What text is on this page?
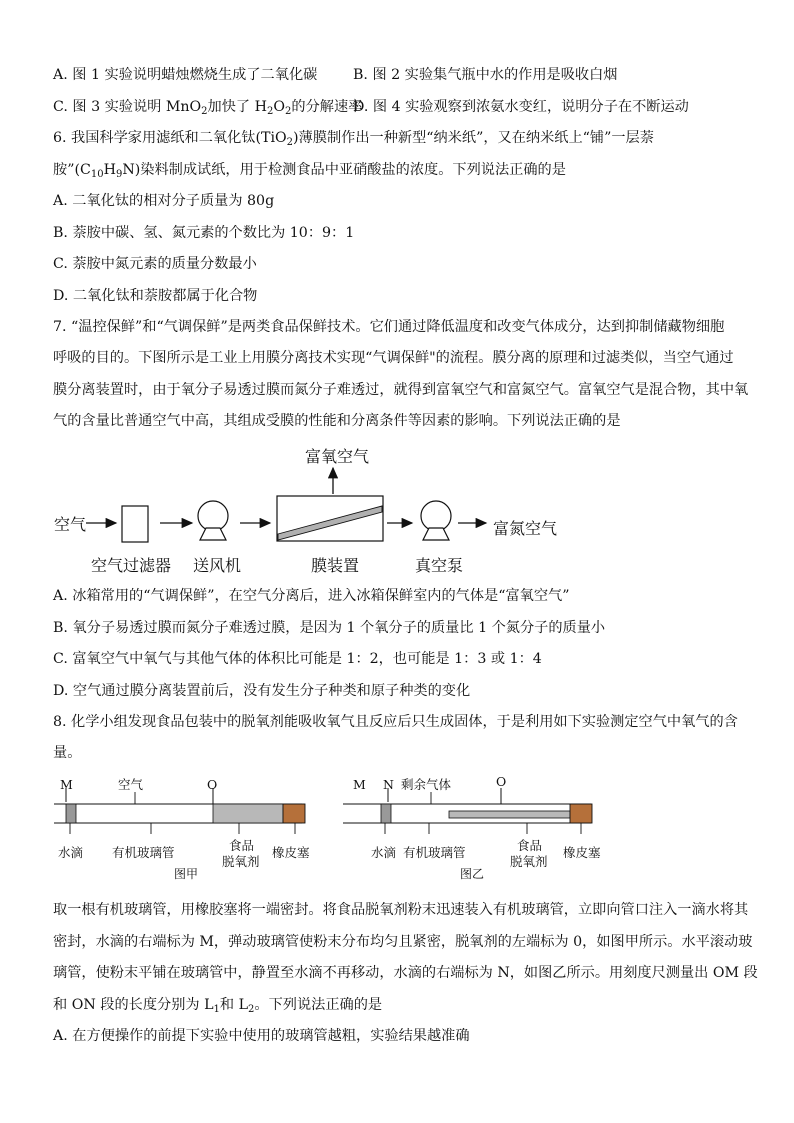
A. 图 1 实验说明蜡烛燃烧生成了二氧化碳	B. 图 2 实验集气瓶中水的作用是吸收白烟
C. 图 3 实验说明 MnO$_2$加快了 $H_2O_2$的分解速率
D. 图 4 实验观察到浓氨水变红，说明分子在不断运动
6. 我国科学家用滤纸和二氧化钛(TiO$_2$)薄膜制作出一种新型“纳米纸”，又在纳米纸上“铺”一层萘
胺$”(C_{10}H_9N)$染料制成试纸，用于检测食品中亚硝酸盐的浓度。下列说法正确的是
A. 二氧化钛的相对分子质量为 80g
B. 萘胺中碳、氢、氮元素的个数比为 10：9：1
C. 萘胺中氮元素的质量分数最小
D. 二氧化钛和萘胺都属于化合物
7. “温控保鲜”和“气调保鲜”是两类食品保鲜技术。它们通过降低温度和改变气体成分，达到抑制储藏物细胞
呼吸的目的。下图所示是工业上用膜分离技术实现“气调保鲜"的流程。膜分离的原理和过滤类似，当空气通过
膜分离装置时，由于氧分子易透过膜而氮分子难透过，就得到富氧空气和富氮空气。富氧空气是混合物，其中氧
气的含量比普通空气中高，其组成受膜的性能和分离条件等因素的影响。下列说法正确的是
空气
富氧空气
富氮空气
空气过滤器 送风机	膜装置	真空泵
A. 冰箱常用的“气调保鲜”，在空气分离后，进入冰箱保鲜室内的气体是“富氧空气”
B. 氧分子易透过膜而氮分子难透过膜，是因为 1 个氧分子的质量比 1 个氮分子的质量小
C. 富氧空气中氧气与其他气体的体积比可能是 1：2，也可能是 1：3 或 1：4
D. 空气通过膜分离装置前后，没有发生分子种类和原子种类的变化
8. 化学小组发现食品包装中的脱氧剂能吸收氧气且反应后只生成固体，于是利用如下实验测定空气中氧气的含
量。
M	空气	O
水滴 有机玻璃管	食品
脱氧剂
橡皮塞
图甲
M N 剩余气体	O
水滴 有机玻璃管	食品
脱氧剂
橡皮塞
图乙
取一根有机玻璃管，用橡胶塞将一端密封。将食品脱氧剂粉末迅速装入有机玻璃管，立即向管口注入一滴水将其
密封，水滴的右端标为 M，弹动玻璃管使粉末分布均匀且紧密，脱氧剂的左端标为 0，如图甲所示。水平滚动玻
璃管，使粉末平铺在玻璃管中，静置至水滴不再移动，水滴的右端标为 N，如图乙所示。用刻度尺测量出 OM 段
和 ON 段的长度分别为 $L_1$和 $L_2$。下列说法正确的是
A. 在方便操作的前提下实验中使用的玻璃管越粗，实验结果越准确
